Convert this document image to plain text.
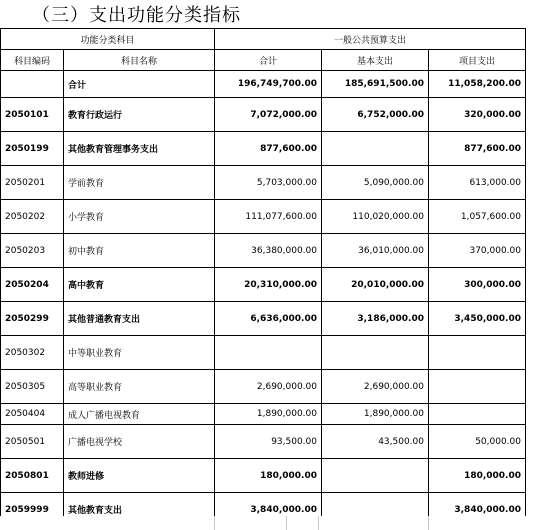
（三）支出功能分类指标
功能分类科目		一般公共预算支出		
科目编码	科目名称	合计	基本支出	项目支出
	合计	196,749,700.00	185,691,500.00	11,058,200.00
2050101	教育行政运行	7,072,000.00	6,752,000.00	320,000.00
2050199	其他教育管理事务支出	877,600.00		877,600.00
2050201	学前教育	5,703,000.00	5,090,000.00	613,000.00
2050202	小学教育	111,077,600.00	110,020,000.00	1,057,600.00
2050203	初中教育	36,380,000.00	36,010,000.00	370,000.00
2050204	高中教育	20,310,000.00	20,010,000.00	300,000.00
2050299	其他普通教育支出	6,636,000.00	3,186,000.00	3,450,000.00
2050302	中等职业教育			
2050305	高等职业教育	2,690,000.00	2,690,000.00	
2050404	成人广播电视教育	1,890,000.00	1,890,000.00	
2050501	广播电视学校	93,500.00	43,500.00	50,000.00
2050801	教师进修	180,000.00		180,000.00
2059999	其他教育支出	3,840,000.00		3,840,000.00
